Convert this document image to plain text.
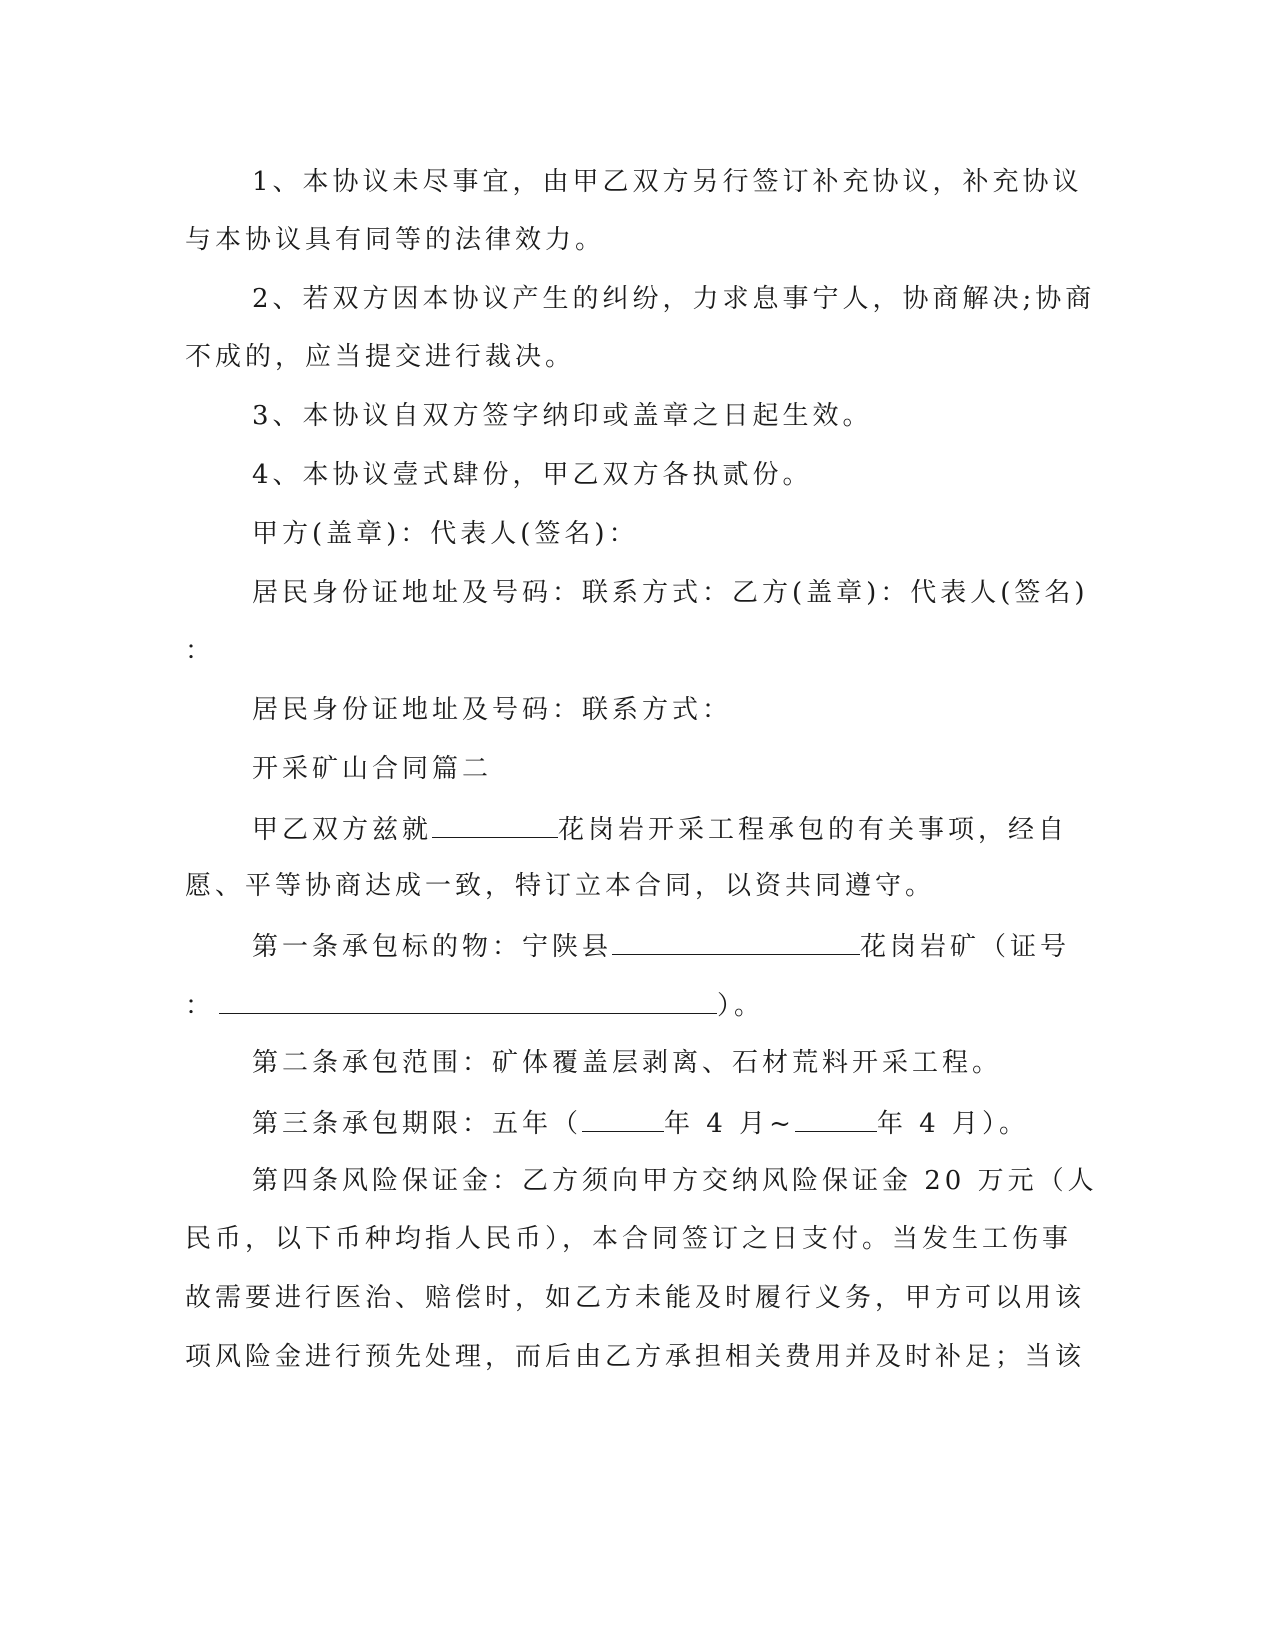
1、本协议未尽事宜，由甲乙双方另行签订补充协议，补充协议
与本协议具有同等的法律效力。
2、若双方因本协议产生的纠纷，力求息事宁人，协商解决;协商
不成的，应当提交进行裁决。
3、本协议自双方签字纳印或盖章之日起生效。
4、本协议壹式肆份，甲乙双方各执贰份。
甲方(盖章)：代表人(签名)：
居民身份证地址及号码：联系方式：乙方(盖章)：代表人(签名)
：
居民身份证地址及号码：联系方式：
开采矿山合同篇二
甲乙双方兹就	花岗岩开采工程承包的有关事项，经自
愿、平等协商达成一致，特订立本合同，以资共同遵守。
第一条承包标的物：宁陕县	花岗岩矿（证号
：	）。
第二条承包范围：矿体覆盖层剥离、石材荒料开采工程。
第三条承包期限：五年（	年 4 月~	年 4 月）。
第四条风险保证金：乙方须向甲方交纳风险保证金 20 万元（人
民币，以下币种均指人民币），本合同签订之日支付。当发生工伤事
故需要进行医治、赔偿时，如乙方未能及时履行义务，甲方可以用该
项风险金进行预先处理，而后由乙方承担相关费用并及时补足；当该
